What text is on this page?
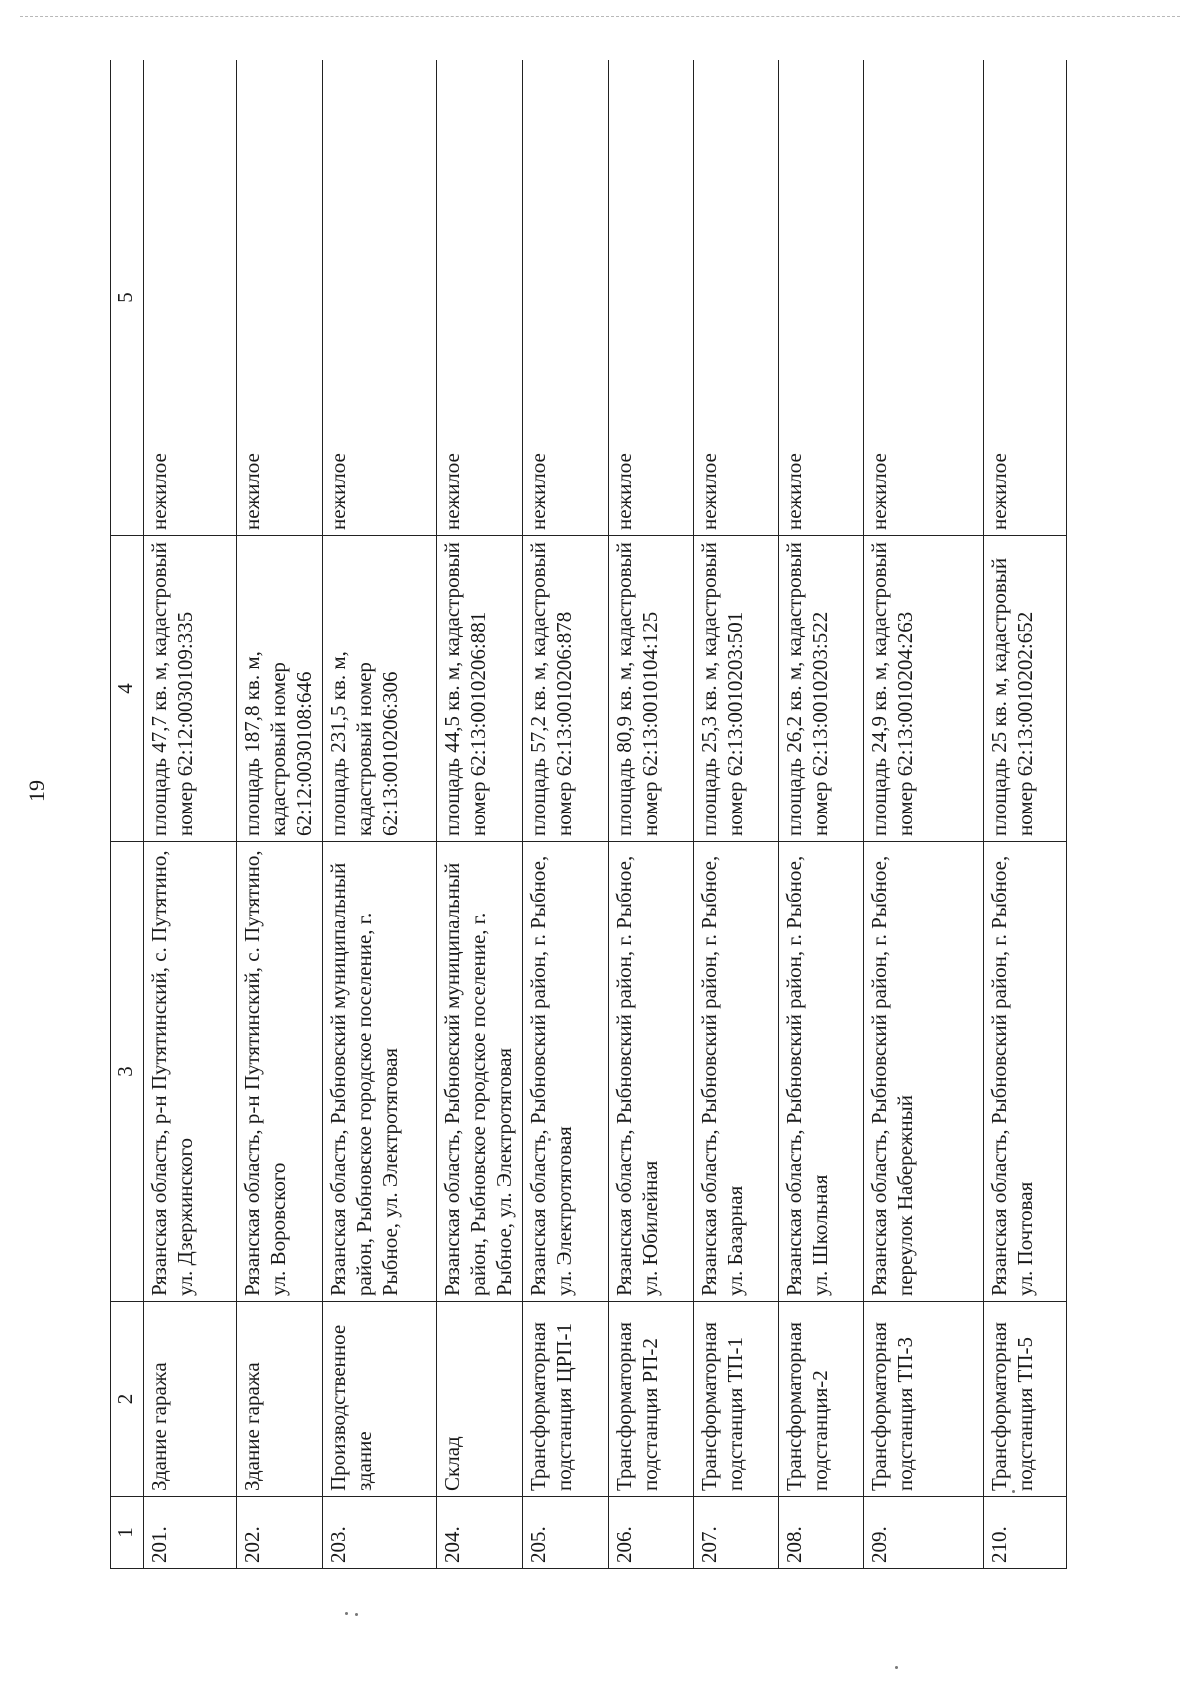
19
1	2	3	4	5
201.	Здание гаража	Рязанская область, р-н Путятинский, с. Путятино, ул. Дзержинского	площадь 47,7 кв. м, кадастровый номер 62:12:0030109:335	нежилое
202.	Здание гаража	Рязанская область, р-н Путятинский, с. Путятино, ул. Воровского	площадь 187,8 кв. м, кадастровый номер 62:12:0030108:646	нежилое
203.	Производственное здание	Рязанская область, Рыбновский муниципальный район, Рыбновское городское поселение, г. Рыбное, ул. Электротяговая	площадь 231,5 кв. м, кадастровый номер 62:13:0010206:306	нежилое
204.	Склад	Рязанская область, Рыбновский муниципальный район, Рыбновское городское поселение, г. Рыбное, ул. Электротяговая	площадь 44,5 кв. м, кадастровый номер 62:13:0010206:881	нежилое
205.	Трансформаторная подстанция ЦРП-1	Рязанская область, Рыбновский район, г. Рыбное, ул. Электротяговая	площадь 57,2 кв. м, кадастровый номер 62:13:0010206:878	нежилое
206.	Трансформаторная подстанция РП-2	Рязанская область, Рыбновский район, г. Рыбное, ул. Юбилейная	площадь 80,9 кв. м, кадастровый номер 62:13:0010104:125	нежилое
207.	Трансформаторная подстанция ТП-1	Рязанская область, Рыбновский район, г. Рыбное, ул. Базарная	площадь 25,3 кв. м, кадастровый номер 62:13:0010203:501	нежилое
208.	Трансформаторная подстанция-2	Рязанская область, Рыбновский район, г. Рыбное, ул. Школьная	площадь 26,2 кв. м, кадастровый номер 62:13:0010203:522	нежилое
209.	Трансформаторная подстанция ТП-3	Рязанская область, Рыбновский район, г. Рыбное, переулок Набережный	площадь 24,9 кв. м, кадастровый номер 62:13:0010204:263	нежилое
210.	Трансформаторная подстанция ТП-5	Рязанская область, Рыбновский район, г. Рыбное, ул. Почтовая	площадь 25 кв. м, кадастровый номер 62:13:0010202:652	нежилое
